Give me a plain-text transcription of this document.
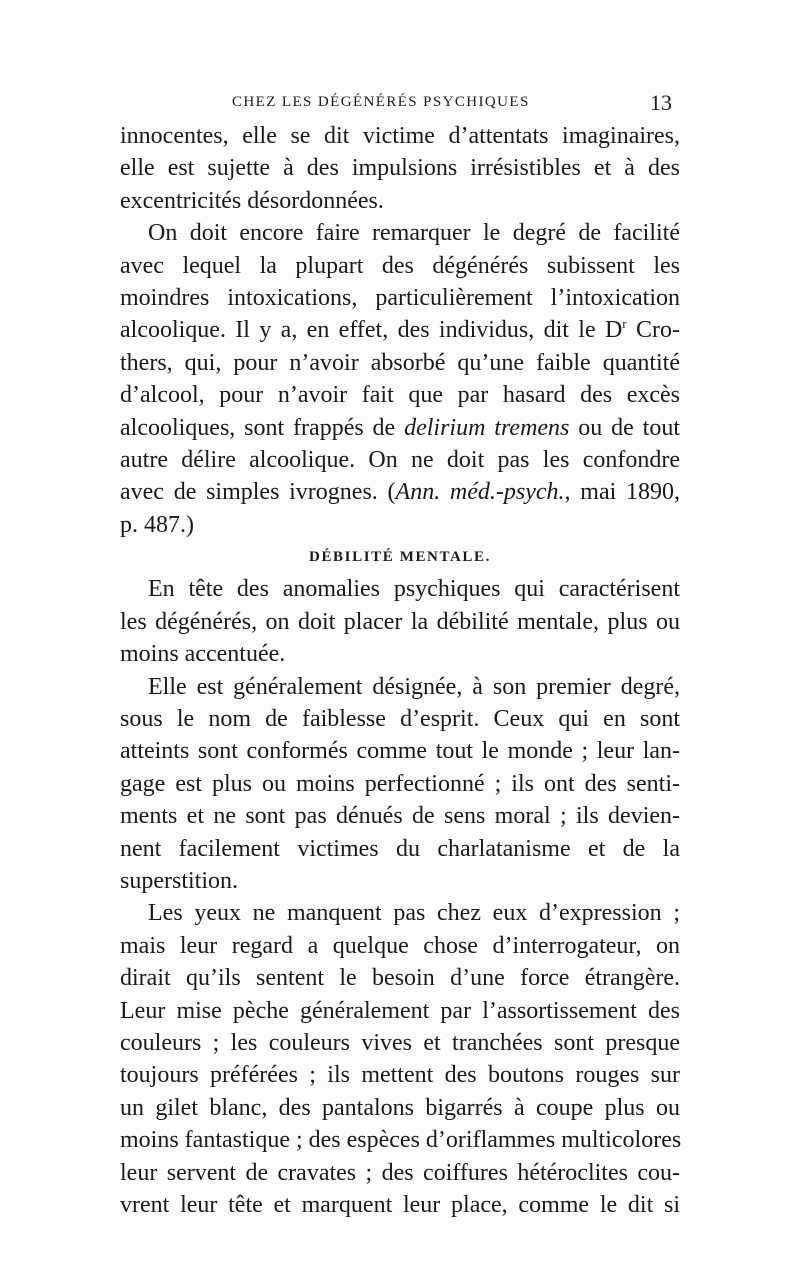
CHEZ LES DÉGÉNÉRÉS PSYCHIQUES	13
innocentes, elle se dit victime d’attentats imaginaires,
elle est sujette à des impulsions irrésistibles et à des
excentricités désordonnées.
On doit encore faire remarquer le degré de facilité
avec lequel la plupart des dégénérés subissent les
moindres intoxications, particulièrement l’intoxication
alcoolique. Il y a, en effet, des individus, dit le $D^r$ Cro-
thers, qui, pour n’avoir absorbé qu’une faible quantité
d’alcool, pour n’avoir fait que par hasard des excès
alcooliques, sont frappés de delirium tremens ou de tout
autre délire alcoolique. On ne doit pas les confondre
avec de simples ivrognes. (Ann. méd.-psych., mai 1890,
p. 487.)
DÉBILITÉ MENTALE.
En tête des anomalies psychiques qui caractérisent
les dégénérés, on doit placer la débilité mentale, plus ou
moins accentuée.
Elle est généralement désignée, à son premier degré,
sous le nom de faiblesse d’esprit. Ceux qui en sont
atteints sont conformés comme tout le monde ; leur lan-
gage est plus ou moins perfectionné ; ils ont des senti-
ments et ne sont pas dénués de sens moral ; ils devien-
nent facilement victimes du charlatanisme et de la
superstition.
Les yeux ne manquent pas chez eux d’expression ;
mais leur regard a quelque chose d’interrogateur, on
dirait qu’ils sentent le besoin d’une force étrangère.
Leur mise pèche généralement par l’assortissement des
couleurs ; les couleurs vives et tranchées sont presque
toujours préférées ; ils mettent des boutons rouges sur
un gilet blanc, des pantalons bigarrés à coupe plus ou
moins fantastique ; des espèces d’oriflammes multicolores
leur servent de cravates ; des coiffures hétéroclites cou-
vrent leur tête et marquent leur place, comme le dit si
